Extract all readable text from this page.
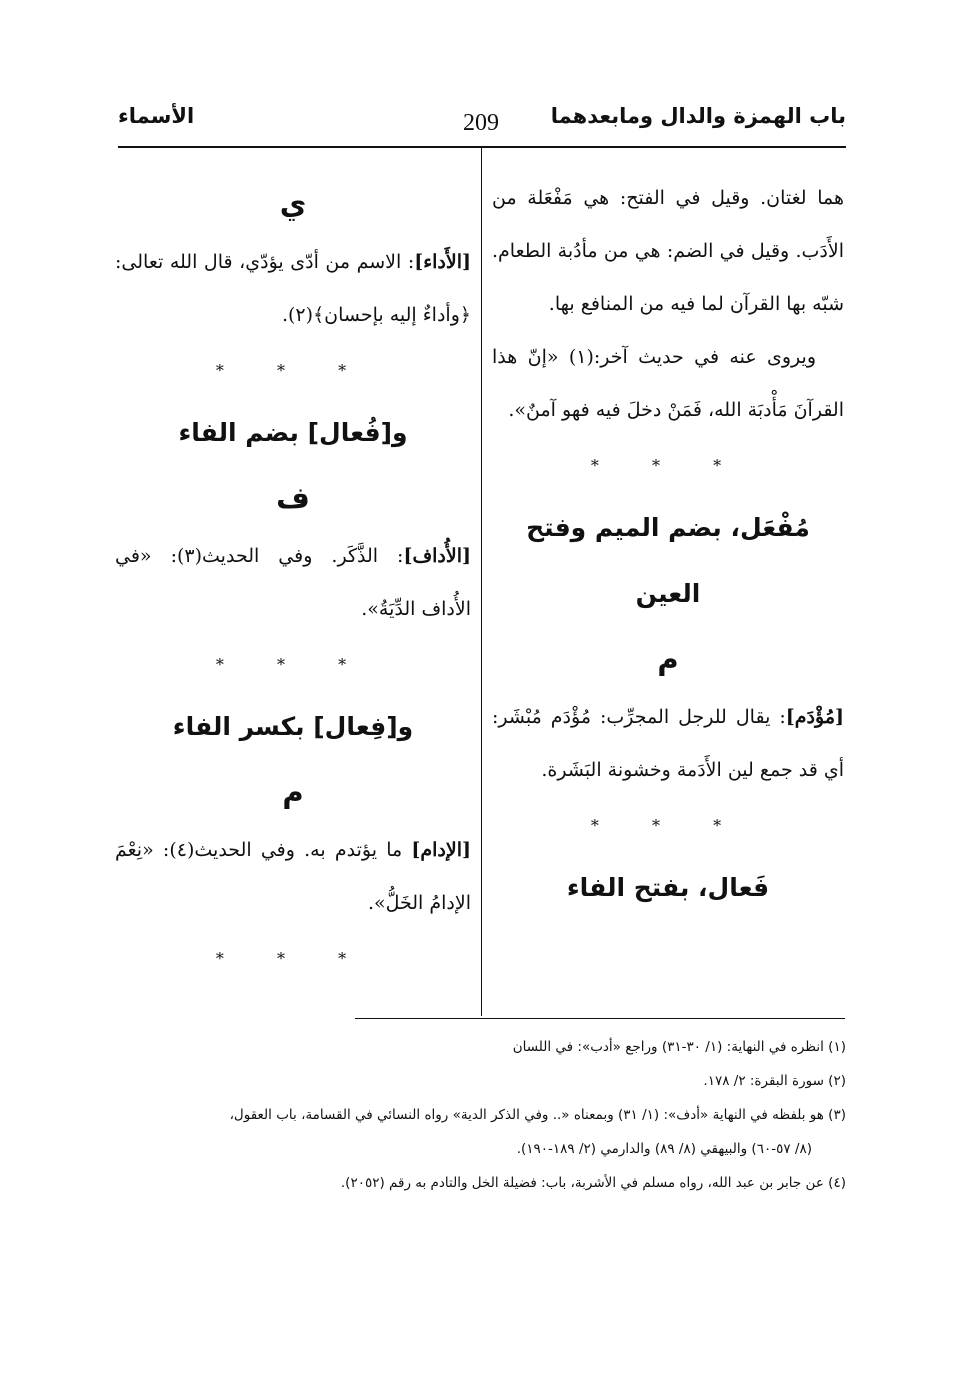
باب الهمزة والدال ومابعدهما
209
الأسماء

هما لغتان. وقيل في الفتح: هي مَفْعَلة من الأَدَب. وقيل في الضم: هي من مأدُبة الطعام. شبّه بها القرآن لما فيه من المنافع بها.

ويروى عنه في حديث آخر:(١) «إنّ هذا القرآنَ مَأْدبَة الله، فَمَنْ دخلَ فيه فهو آمنٌ».

* * *

مُفْعَل، بضم الميم وفتح العين

م

[مُؤْدَم]: يقال للرجل المجرِّب: مُؤْدَم مُبْشَر: أي قد جمع لين الأَدَمة وخشونة البَشَرة.

* * *

فَعال، بفتح الفاء

ي

[الأَداء]: الاسم من أدّى يؤدّي، قال الله تعالى: ﴿وأداءٌ إليه بإحسان﴾(٢).

* * *

و[فُعال] بضم الفاء

ف

[الأُداف]: الذَّكَر. وفي الحديث(٣): «في الأُداف الدِّيَةُ».

* * *

و[فِعال] بكسر الفاء

م

[الإدام] ما يؤتدم به. وفي الحديث(٤): «نِعْمَ الإدامُ الخَلُّ».

* * *

(١) انظره في النهاية: (١/ ٣٠-٣١) وراجع «أدب»: في اللسان

(٢) سورة البقرة: ٢/ ١٧٨.

(٣) هو بلفظه في النهاية «أدف»: (١/ ٣١) وبمعناه «.. وفي الذكر الدية» رواه النسائي في القسامة، باب العقول،

(٨/ ٥٧-٦٠) والبيهقي (٨/ ٨٩) والدارمي (٢/ ١٨٩-١٩٠).

(٤) عن جابر بن عبد الله، رواه مسلم في الأشربة، باب: فضيلة الخل والتادم به رقم (٢٠٥٢).
